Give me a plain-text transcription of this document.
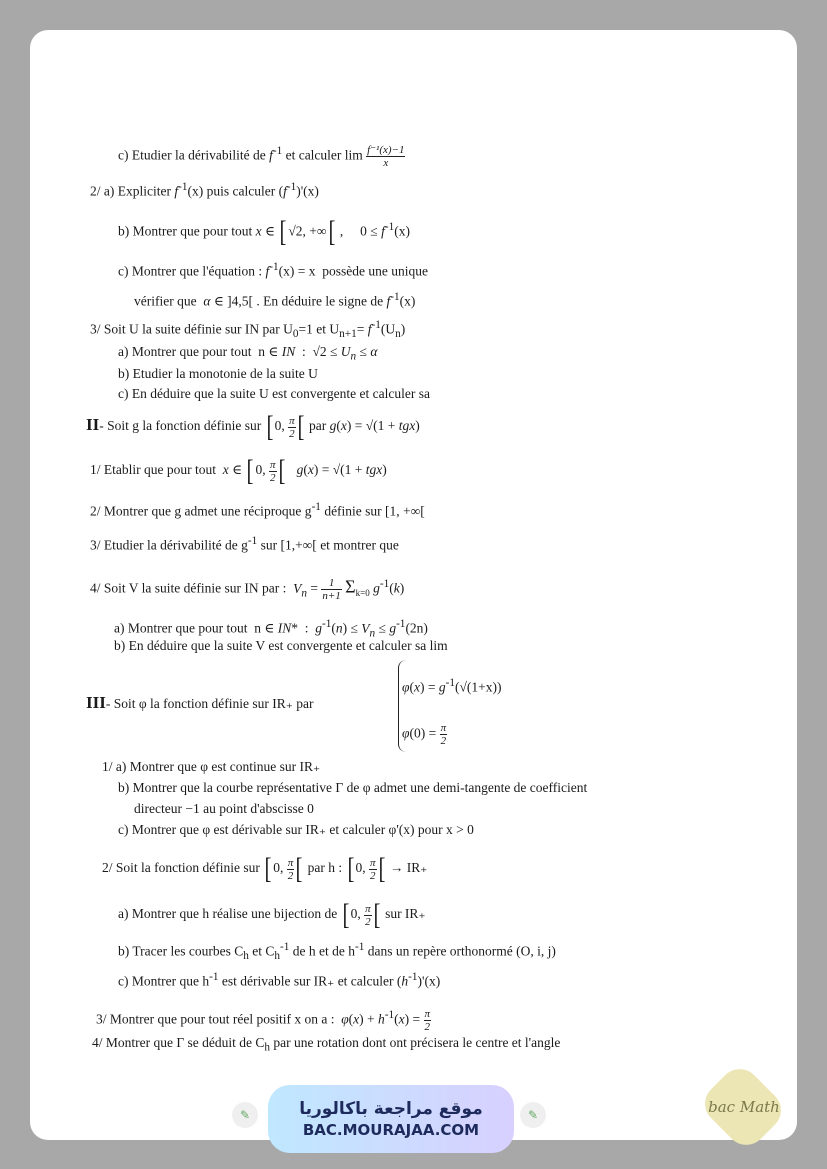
c) Etudier la dérivabilité de $f^{-1}$ et calculer $\lim \frac{\text{f⁻¹(x)−1}}{x}$
2/ a) Expliciter $f^{-1}(x)$ puis calculer $(f^{-1})'(x)$
b) Montrer que pour tout x ∈ [ √2, +∞[ ,     $0 \le f^{-1}(x)$
c) Montrer que l'équation : $f^{-1}(x) = x$  possède une unique
vérifier que α ∈ ]4,5[ . En déduire le signe de $f^{-1}(x)$
3/ Soit U la suite définie sur IN par $U_0=1$ et $U_{n+1}= f^{-1}(U_n)$
a) Montrer que pour tout  n ∈ IN  :  $√2 \le U_n \le \alpha$
b) Etudier la monotonie de la suite U
c) En déduire que la suite U est convergente et calculer sa
II- Soit g la fonction définie sur [ 0, $\frac{\pi}{2}$ [ par g(x) = √(1 + tgx)
1/ Etablir que pour tout x ∈ [ 0, $\frac{\pi}{2}$ [ g(x) = √(1 + tgx)
2/ Montrer que g admet une réciproque $g^{-1}$ définie sur [1, +∞[
3/ Etudier la dérivabilité de $g^{-1}$ sur [1,+∞[ et montrer que
4/ Soit V la suite définie sur IN par : $V_n = \frac{1}{n+1} \Sigma_{k=0}$ $g^{-1}(k)$
a) Montrer que pour tout  n ∈ IN*  :  $g^{-1}(n) \le V_n \le g^{-1}(2n)$
b) En déduire que la suite V est convergente et calculer sa lim
III- Soit φ la fonction définie sur IR₊ par
$\varphi(x) = g^{-1}(√(1+x))$
$\varphi(0) = \frac{\pi}{2}$
1/ a) Montrer que φ est continue sur IR₊
b) Montrer que la courbe représentative Γ de φ admet une demi-tangente de coefficient
directeur −1 au point d'abscisse 0
c) Montrer que φ est dérivable sur IR₊ et calculer φ'(x) pour x > 0
2/ Soit la fonction définie sur [ 0, $\frac{\pi}{2}$ [ par h : [ 0, $\frac{\pi}{2}$ [ → IR₊
a) Montrer que h réalise une bijection de [ 0, $\frac{\pi}{2}$ [ sur IR₊
b) Tracer les courbes $C_h$ et $C_h^{-1}$ de h et de $h^{-1}$ dans un repère orthonormé (O, i, j)
c) Montrer que $h^{-1}$ est dérivable sur IR₊ et calculer $(h^{-1})'(x)$
3/ Montrer que pour tout réel positif x on a : $\varphi(x) + h^{-1}(x) = \frac{\pi}{2}$
4/ Montrer que Γ se déduit de $C_h$ par une rotation dont ont précisera le centre et l'angle
✎	✎
موقع مراجعة باكالوريا
BAC.MOURAJAA.COM
bac Math
